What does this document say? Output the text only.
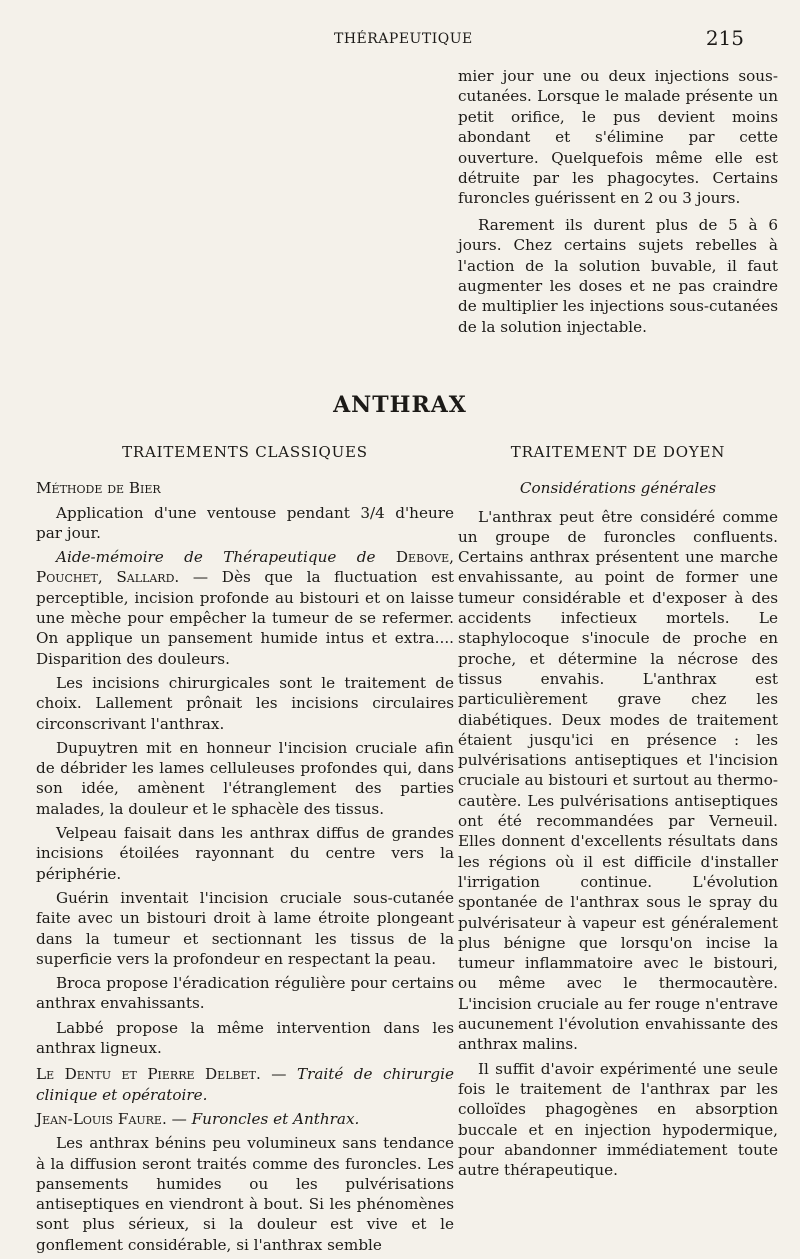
THÉRAPEUTIQUE	215

mier jour une ou deux injections sous-cutanées. Lorsque le malade présente un petit orifice, le pus devient moins abondant et s'élimine par cette ouverture. Quelquefois même elle est détruite par les phagocytes. Certains furoncles guérissent en 2 ou 3 jours.

Rarement ils durent plus de 5 à 6 jours. Chez certains sujets rebelles à l'action de la solution buvable, il faut augmenter les doses et ne pas craindre de multiplier les injections sous-cutanées de la solution injectable.

ANTHRAX
TRAITEMENTS CLASSIQUES

Méthode de Bier

Application d'une ventouse pendant 3/4 d'heure par jour.

Aide-mémoire de Thérapeutique de Debove, Pouchet, Sallard. — Dès que la fluctuation est perceptible, incision profonde au bistouri et on laisse une mèche pour empêcher la tumeur de se refermer. On applique un pansement humide intus et extra.... Disparition des douleurs.

Les incisions chirurgicales sont le traitement de choix. Lallement prônait les incisions circulaires circonscrivant l'anthrax.

Dupuytren mit en honneur l'incision cruciale afin de débrider les lames celluleuses profondes qui, dans son idée, amènent l'étranglement des parties malades, la douleur et le sphacèle des tissus.

Velpeau faisait dans les anthrax diffus de grandes incisions étoilées rayonnant du centre vers la périphérie.

Guérin inventait l'incision cruciale sous-cutanée faite avec un bistouri droit à lame étroite plongeant dans la tumeur et sectionnant les tissus de la superficie vers la profondeur en respectant la peau.

Broca propose l'éradication régulière pour certains anthrax envahissants.

Labbé propose la même intervention dans les anthrax ligneux.

Le Dentu et Pierre Delbet. — Traité de chirurgie clinique et opératoire.

Jean-Louis Faure. — Furoncles et Anthrax.

Les anthrax bénins peu volumineux sans tendance à la diffusion seront traités comme des furoncles. Les pansements humides ou les pulvérisations antiseptiques en viendront à bout. Si les phénomènes sont plus sérieux, si la douleur est vive et le gonflement considérable, si l'anthrax semble

TRAITEMENT DE DOYEN

Considérations générales

L'anthrax peut être considéré comme un groupe de furoncles confluents. Certains anthrax présentent une marche envahissante, au point de former une tumeur considérable et d'exposer à des accidents infectieux mortels. Le staphylocoque s'inocule de proche en proche, et détermine la nécrose des tissus envahis. L'anthrax est particulièrement grave chez les diabétiques. Deux modes de traitement étaient jusqu'ici en présence : les pulvérisations antiseptiques et l'incision cruciale au bistouri et surtout au thermo-cautère. Les pulvérisations antiseptiques ont été recommandées par Verneuil. Elles donnent d'excellents résultats dans les régions où il est difficile d'installer l'irrigation continue. L'évolution spontanée de l'anthrax sous le spray du pulvérisateur à vapeur est généralement plus bénigne que lorsqu'on incise la tumeur inflammatoire avec le bistouri, ou même avec le thermocautère. L'incision cruciale au fer rouge n'entrave aucunement l'évolution envahissante des anthrax malins.

Il suffit d'avoir expérimenté une seule fois le traitement de l'anthrax par les colloïdes phagogènes en absorption buccale et en injection hypodermique, pour abandonner immédiatement toute autre thérapeutique.
